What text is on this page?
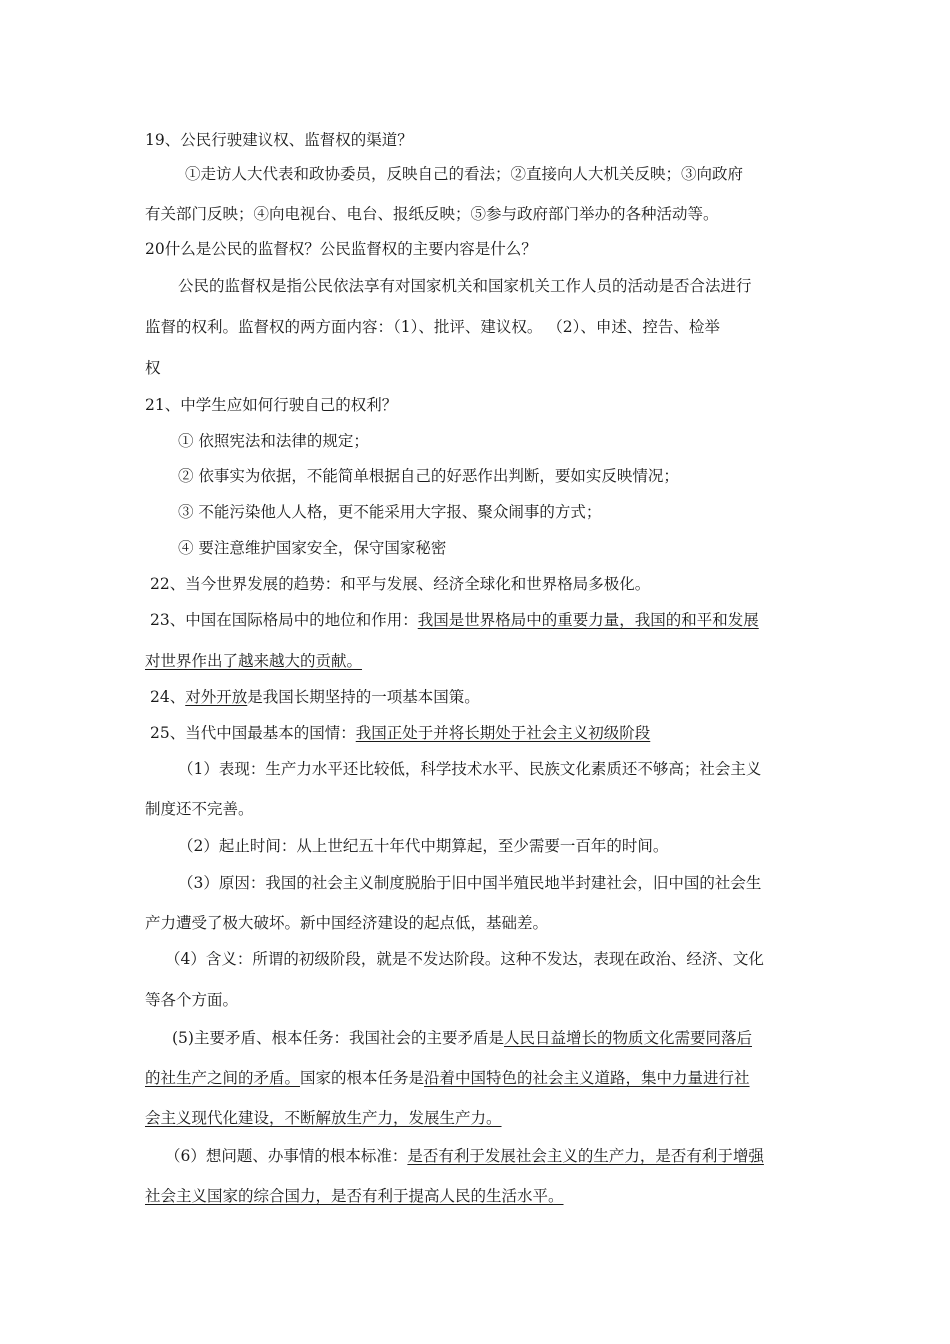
19、公民行驶建议权、监督权的渠道？
①走访人大代表和政协委员，反映自己的看法；②直接向人大机关反映；③向政府
有关部门反映；④向电视台、电台、报纸反映；⑤参与政府部门举办的各种活动等。
20什么是公民的监督权？公民监督权的主要内容是什么？
公民的监督权是指公民依法享有对国家机关和国家机关工作人员的活动是否合法进行
监督的权利。监督权的两方面内容：（1）、批评、建议权。 （2）、申述、控告、检举
权
21、中学生应如何行驶自己的权利？
① 依照宪法和法律的规定；
② 依事实为依据，不能简单根据自己的好恶作出判断，要如实反映情况；
③ 不能污染他人人格，更不能采用大字报、聚众闹事的方式；
④ 要注意维护国家安全，保守国家秘密
22、当今世界发展的趋势：和平与发展、经济全球化和世界格局多极化。
23、中国在国际格局中的地位和作用：我国是世界格局中的重要力量，我国的和平和发展
对世界作出了越来越大的贡献。
24、对外开放是我国长期坚持的一项基本国策。
25、当代中国最基本的国情：我国正处于并将长期处于社会主义初级阶段
（1）表现：生产力水平还比较低，科学技术水平、民族文化素质还不够高；社会主义
制度还不完善。
（2）起止时间：从上世纪五十年代中期算起，至少需要一百年的时间。
（3）原因：我国的社会主义制度脱胎于旧中国半殖民地半封建社会，旧中国的社会生
产力遭受了极大破坏。新中国经济建设的起点低，基础差。
（4）含义：所谓的初级阶段，就是不发达阶段。这种不发达，表现在政治、经济、文化
等各个方面。
(5)主要矛盾、根本任务：我国社会的主要矛盾是人民日益增长的物质文化需要同落后
的社生产之间的矛盾。国家的根本任务是沿着中国特色的社会主义道路，集中力量进行社
会主义现代化建设，不断解放生产力，发展生产力。
（6）想问题、办事情的根本标准：是否有利于发展社会主义的生产力，是否有利于增强
社会主义国家的综合国力，是否有利于提高人民的生活水平。
